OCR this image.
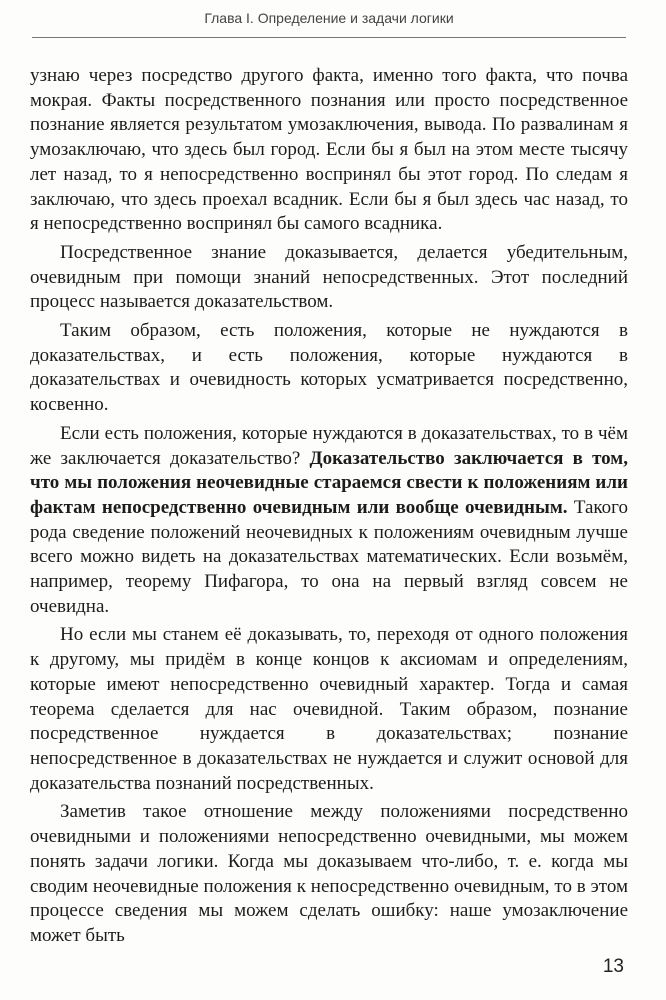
Глава I. Определение и задачи логики

узнаю через посредство другого факта, именно того факта, что почва мокрая. Факты посредственного познания или просто посредственное познание является результатом умозаключения, вывода. По развалинам я умозаключаю, что здесь был город. Если бы я был на этом месте тысячу лет назад, то я непосредственно воспринял бы этот город. По следам я заключаю, что здесь проехал всадник. Если бы я был здесь час назад, то я непосредственно воспринял бы самого всадника.

Посредственное знание доказывается, делается убедительным, очевидным при помощи знаний непосредственных. Этот последний процесс называется доказательством.

Таким образом, есть положения, которые не нуждаются в доказательствах, и есть положения, которые нуждаются в доказательствах и очевидность которых усматривается посредственно, косвенно.

Если есть положения, которые нуждаются в доказательствах, то в чём же заключается доказательство? Доказательство заключается в том, что мы положения неочевидные стараемся свести к положениям или фактам непосредственно очевидным или вообще очевидным. Такого рода сведение положений неочевидных к положениям очевидным лучше всего можно видеть на доказательствах математических. Если возьмём, например, теорему Пифагора, то она на первый взгляд совсем не очевидна.

Но если мы станем её доказывать, то, переходя от одного положения к другому, мы придём в конце концов к аксиомам и определениям, которые имеют непосредственно очевидный характер. Тогда и самая теорема сделается для нас очевидной. Таким образом, познание посредственное нуждается в доказательствах; познание непосредственное в доказательствах не нуждается и служит основой для доказательства познаний посредственных.

Заметив такое отношение между положениями посредственно очевидными и положениями непосредственно очевидными, мы можем понять задачи логики. Когда мы доказываем что-либо, т. е. когда мы сводим неочевидные положения к непосредственно очевидным, то в этом процессе сведения мы можем сделать ошибку: наше умозаключение может быть

13
